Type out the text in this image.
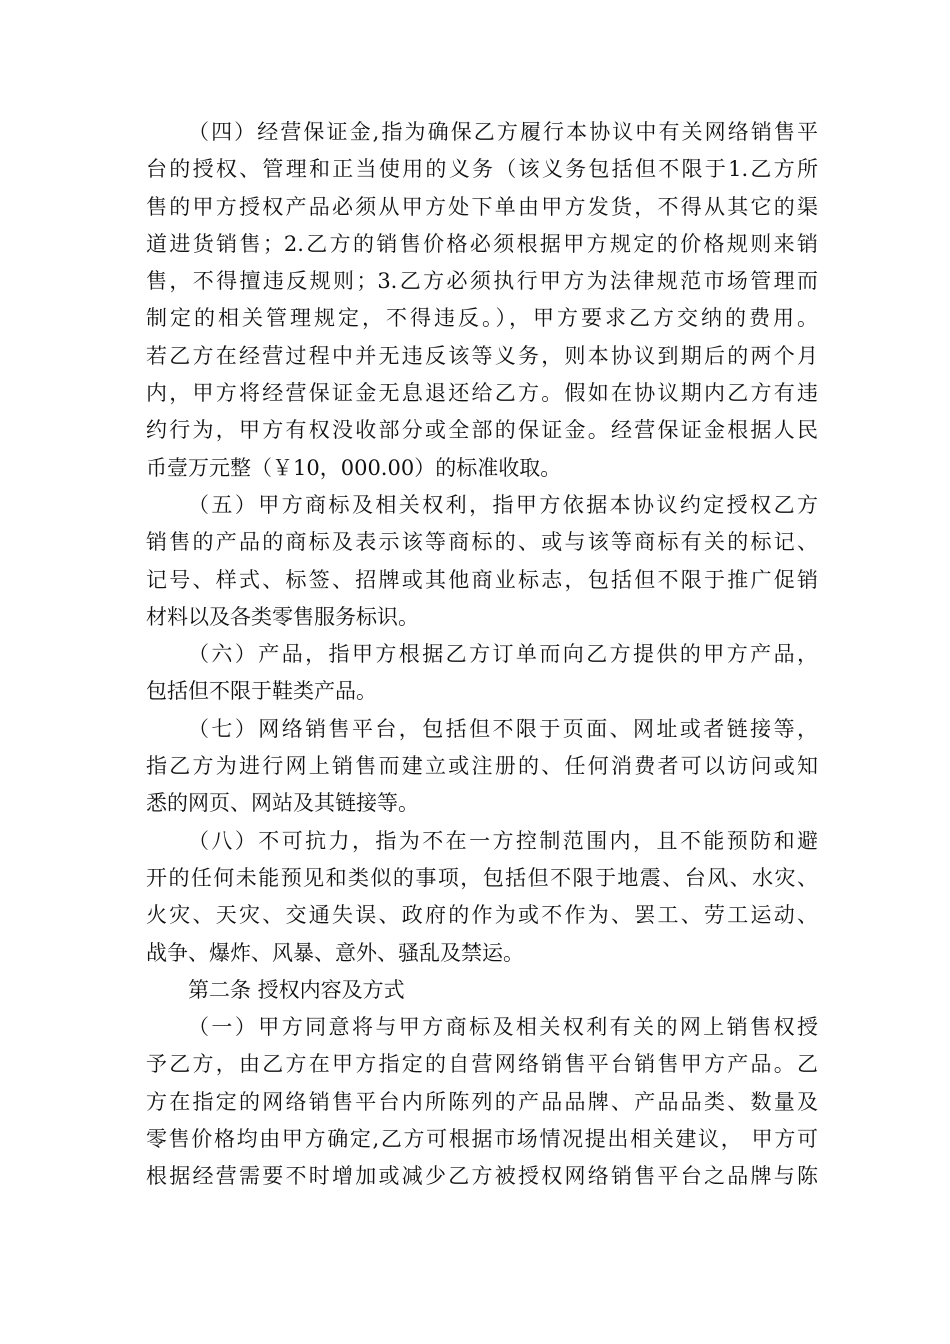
（四）经营保证金,指为确保乙方履行本协议中有关网络销售平
台的授权、管理和正当使用的义务（该义务包括但不限于1.乙方所
售的甲方授权产品必须从甲方处下单由甲方发货，不得从其它的渠
道进货销售；2.乙方的销售价格必须根据甲方规定的价格规则来销
售，不得擅违反规则；3.乙方必须执行甲方为法律规范市场管理而
制定的相关管理规定，不得违反。），甲方要求乙方交纳的费用。
若乙方在经营过程中并无违反该等义务，则本协议到期后的两个月
内，甲方将经营保证金无息退还给乙方。假如在协议期内乙方有违
约行为，甲方有权没收部分或全部的保证金。经营保证金根据人民
币壹万元整（￥10，000.00）的标准收取。
（五）甲方商标及相关权利，指甲方依据本协议约定授权乙方
销售的产品的商标及表示该等商标的、或与该等商标有关的标记、
记号、样式、标签、招牌或其他商业标志，包括但不限于推广促销
材料以及各类零售服务标识。
（六）产品，指甲方根据乙方订单而向乙方提供的甲方产品，
包括但不限于鞋类产品。
（七）网络销售平台，包括但不限于页面、网址或者链接等，
指乙方为进行网上销售而建立或注册的、任何消费者可以访问或知
悉的网页、网站及其链接等。
（八）不可抗力，指为不在一方控制范围内，且不能预防和避
开的任何未能预见和类似的事项，包括但不限于地震、台风、水灾、
火灾、天灾、交通失误、政府的作为或不作为、罢工、劳工运动、
战争、爆炸、风暴、意外、骚乱及禁运。
第二条 授权内容及方式
（一）甲方同意将与甲方商标及相关权利有关的网上销售权授
予乙方，由乙方在甲方指定的自营网络销售平台销售甲方产品。乙
方在指定的网络销售平台内所陈列的产品品牌、产品品类、数量及
零售价格均由甲方确定,乙方可根据市场情况提出相关建议， 甲方可
根据经营需要不时增加或减少乙方被授权网络销售平台之品牌与陈
